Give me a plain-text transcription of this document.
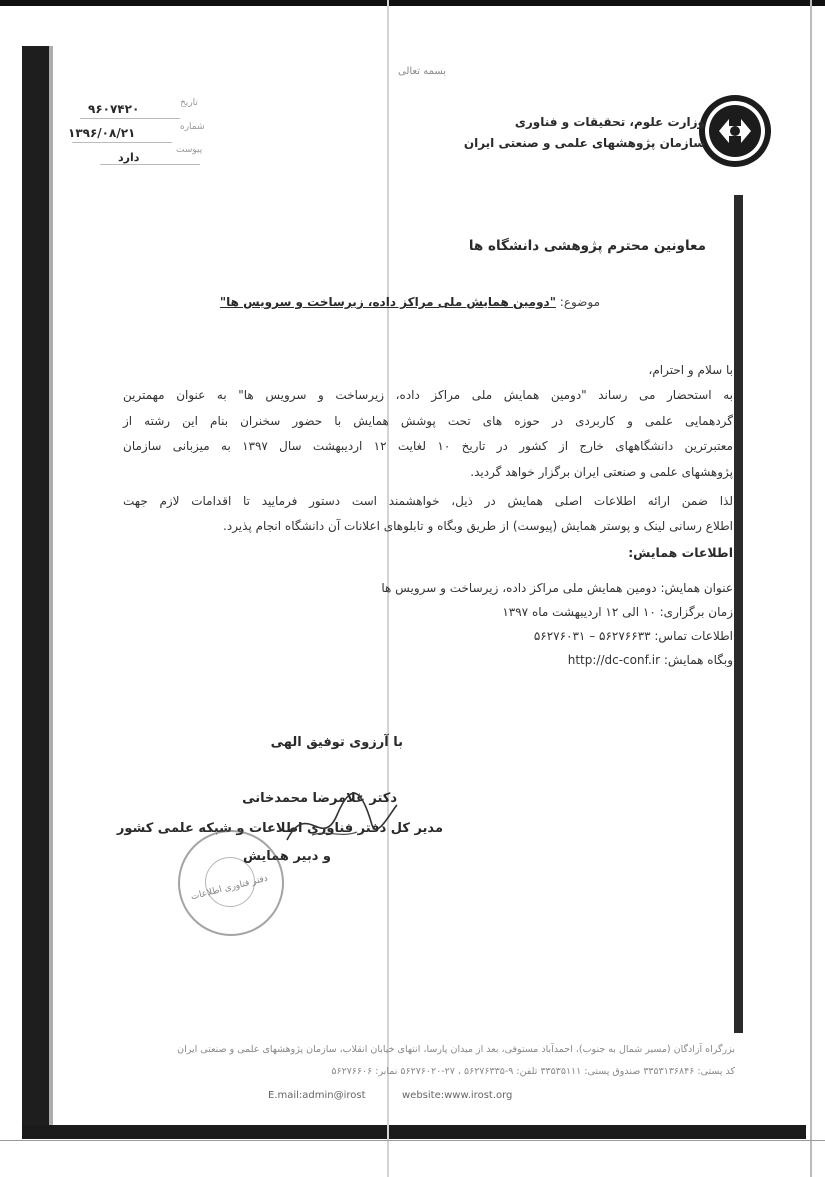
بسمه تعالی
وزارت علوم، تحقیقات و فناوری
سازمان پژوهشهای علمی و صنعتی ایران
تاریخ
شماره
پیوست
۹۶۰۷۴۲۰
۱۳۹۶/۰۸/۲۱
دارد
معاونین محترم پژوهشی دانشگاه ها
موضوع: "دومین همایش ملی مراکز داده، زیرساخت و سرویس ها"
با سلام و احترام،
به استحضار می رساند "دومین همایش ملی مراکز داده، زیرساخت و سرویس ها" به عنوان مهمترین
گردهمایی علمی و کاربردی در حوزه های تحت پوشش همایش با حضور سخنران بنام این رشته از
معتبرترین دانشگاههای خارج از کشور در تاریخ ۱۰ لغایت ۱۲ اردیبهشت سال ۱۳۹۷ به میزبانی سازمان
پژوهشهای علمی و صنعتی ایران برگزار خواهد گردید.
لذا ضمن ارائه اطلاعات اصلی همایش در ذیل، خواهشمند است دستور فرمایید تا اقدامات لازم جهت
اطلاع رسانی لینک و پوستر همایش (پیوست) از طریق وبگاه و تابلوهای اعلانات آن دانشگاه انجام پذیرد.
اطلاعات همایش:
عنوان همایش: دومین همایش ملی مراکز داده، زیرساخت و سرویس ها
زمان برگزاری: ۱۰ الی ۱۲ اردیبهشت ماه ۱۳۹۷
اطلاعات تماس: ۵۶۲۷۶۶۳۳ – ۵۶۲۷۶۰۳۱
وبگاه همایش: http://dc-conf.ir
با آرزوی توفیق الهی
دکتر غلامرضا محمدخانی
مدیر کل دفتر فناوری اطلاعات و شبکه علمی کشور
و دبیر همایش
دفتر فناوری اطلاعات
بزرگراه آزادگان (مسیر شمال به جنوب)، احمدآباد مستوفی، بعد از میدان پارسا، انتهای خیابان انقلاب، سازمان پژوهشهای علمی و صنعتی ایران
کد پستی: ۳۳۵۳۱۳۶۸۴۶ صندوق پستی: ۳۳۵۳۵۱۱۱ تلفن: ۹-۵۶۲۷۶۳۳۵ ، ۲۷-۵۶۲۷۶۰۲۰ نمابر: ۵۶۲۷۶۶۰۶
E.mail:admin@irost	website:www.irost.org
